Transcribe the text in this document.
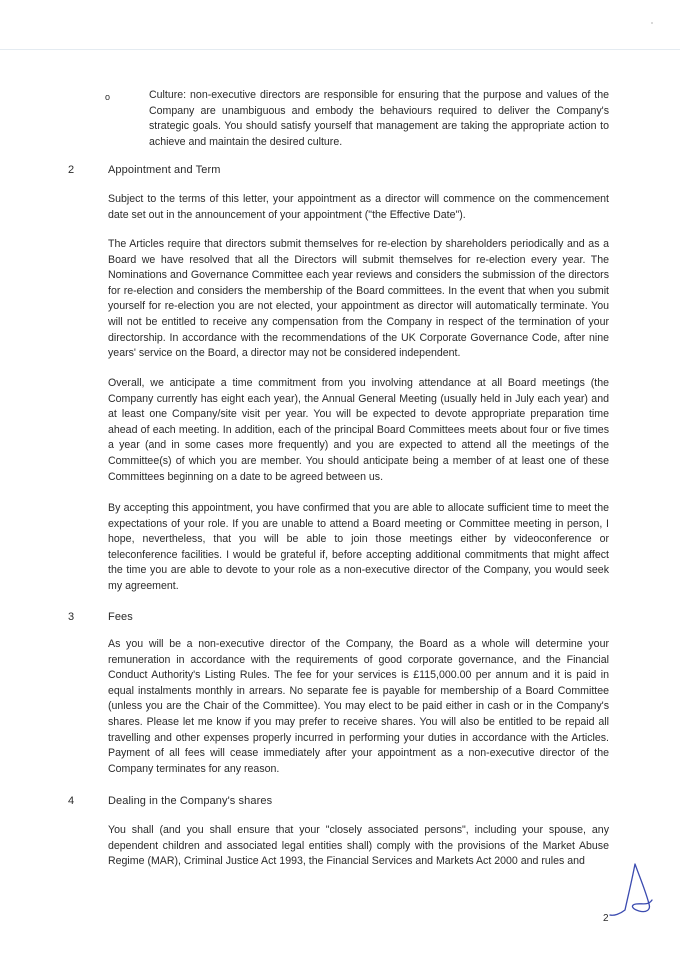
o	Culture: non-executive directors are responsible for ensuring that the purpose and values of the Company are unambiguous and embody the behaviours required to deliver the Company's strategic goals. You should satisfy yourself that management are taking the appropriate action to achieve and maintain the desired culture.

2	Appointment and Term

Subject to the terms of this letter, your appointment as a director will commence on the commencement date set out in the announcement of your appointment ("the Effective Date").

The Articles require that directors submit themselves for re-election by shareholders periodically and as a Board we have resolved that all the Directors will submit themselves for re-election every year. The Nominations and Governance Committee each year reviews and considers the submission of the directors for re-election and considers the membership of the Board committees. In the event that when you submit yourself for re-election you are not elected, your appointment as director will automatically terminate. You will not be entitled to receive any compensation from the Company in respect of the termination of your directorship. In accordance with the recommendations of the UK Corporate Governance Code, after nine years' service on the Board, a director may not be considered independent.

Overall, we anticipate a time commitment from you involving attendance at all Board meetings (the Company currently has eight each year), the Annual General Meeting (usually held in July each year) and at least one Company/site visit per year. You will be expected to devote appropriate preparation time ahead of each meeting. In addition, each of the principal Board Committees meets about four or five times a year (and in some cases more frequently) and you are expected to attend all the meetings of the Committee(s) of which you are member. You should anticipate being a member of at least one of these Committees beginning on a date to be agreed between us.

By accepting this appointment, you have confirmed that you are able to allocate sufficient time to meet the expectations of your role. If you are unable to attend a Board meeting or Committee meeting in person, I hope, nevertheless, that you will be able to join those meetings either by videoconference or teleconference facilities. I would be grateful if, before accepting additional commitments that might affect the time you are able to devote to your role as a non-executive director of the Company, you would seek my agreement.

3	Fees

As you will be a non-executive director of the Company, the Board as a whole will determine your remuneration in accordance with the requirements of good corporate governance, and the Financial Conduct Authority's Listing Rules. The fee for your services is £115,000.00 per annum and it is paid in equal instalments monthly in arrears. No separate fee is payable for membership of a Board Committee (unless you are the Chair of the Committee). You may elect to be paid either in cash or in the Company's shares. Please let me know if you may prefer to receive shares. You will also be entitled to be repaid all travelling and other expenses properly incurred in performing your duties in accordance with the Articles. Payment of all fees will cease immediately after your appointment as a non-executive director of the Company terminates for any reason.

4	Dealing in the Company's shares

You shall (and you shall ensure that your "closely associated persons", including your spouse, any dependent children and associated legal entities shall) comply with the provisions of the Market Abuse Regime (MAR), Criminal Justice Act 1993, the Financial Services and Markets Act 2000 and rules and

2
